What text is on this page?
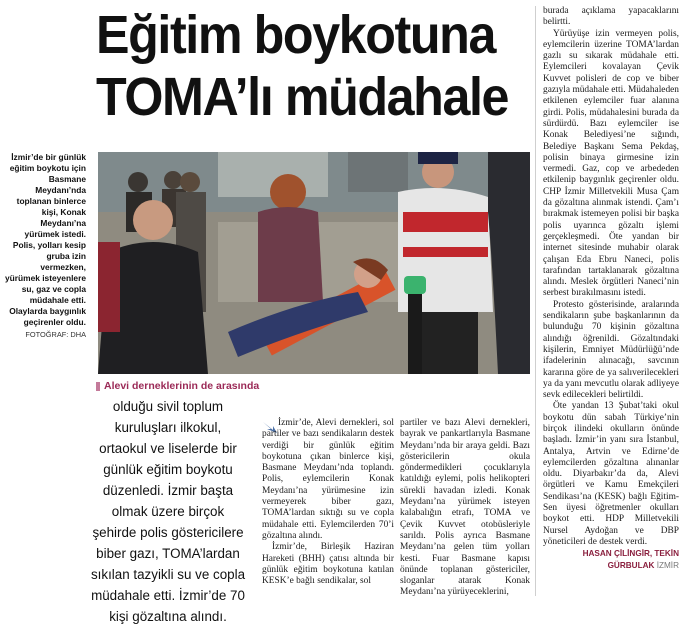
Eğitim boykotuna
TOMA’lı müdahale
İzmir’de bir günlük eğitim boykotu için Basmane Meydanı’nda toplanan binlerce kişi, Konak Meydanı’na yürümek istedi. Polis, yolları kesip gruba izin vermezken, yürümek isteyenlere su, gaz ve copla müdahale etti. Olaylarda baygınlık geçirenler oldu.
FOTOĞRAF: DHA
Alevi derneklerinin de arasında

olduğu sivil toplum kuruluşları ilkokul, ortaokul ve liselerde bir günlük eğitim boykotu düzenledi. İzmir başta olmak üzere birçok şehirde polis göstericilere biber gazı, TOMA’lardan sıkılan tazyikli su ve copla müdahale etti. İzmir’de 70 kişi gözaltına alındı.

İzmir’de, Alevi dernekleri, sol partiler ve bazı sendikaların destek verdiği bir günlük eğitim boykotuna çıkan binlerce kişi, Basmane Meydanı’nda toplandı. Polis, eylemcilerin Konak Meydanı’na yürümesine izin vermeyerek biber gazı, TOMA’lardan sıktığı su ve copla müdahale etti. Eylemcilerden 70’i gözaltına alındı.

İzmir’de, Birleşik Haziran Hareketi (BHH) çatısı altında bir günlük eğitim boykotuna katılan KESK’e bağlı sendikalar, sol

partiler ve bazı Alevi dernekleri, bayrak ve pankartlarıyla Basmane Meydanı’nda bir araya geldi. Bazı göstericilerin okula göndermedikleri çocuklarıyla katıldığı eylemi, polis helikopteri sürekli havadan izledi. Konak Meydanı’na yürümek isteyen kalabalığın etrafı, TOMA ve Çevik Kuvvet otobüsleriyle sarıldı. Polis ayrıca Basmane Meydanı’na gelen tüm yolları kesti. Fuar Basmane kapısı önünde toplanan göstericiler, sloganlar atarak Konak Meydanı’na yürüyeceklerini,

burada açıklama yapacaklarını belirtti.

Yürüyüşe izin vermeyen polis, eylemcilerin üzerine TOMA’lardan gazlı su sıkarak müdahale etti. Eylemcileri kovalayan Çevik Kuvvet polisleri de cop ve biber gazıyla müdahale etti. Müdahaleden etkilenen eylemciler fuar alanına girdi. Polis, müdahalesini burada da sürdürdü. Bazı eylemciler ise Konak Belediyesi’ne sığındı, Belediye Başkanı Sema Pekdaş, polisin binaya girmesine izin vermedi. Gaz, cop ve arbededen etkilenip baygınlık geçirenler oldu. CHP İzmir Milletvekili Musa Çam da gözaltına alınmak istendi. Çam’ı bırakmak istemeyen polisi bir başka polis uyarınca gözaltı işlemi gerçekleşmedi. Öte yandan bir internet sitesinde muhabir olarak çalışan Eda Ebru Naneci, polis tarafından tartaklanarak gözaltına alındı. Meslek örgütleri Naneci’nin serbest bırakılmasını istedi.

Protesto gösterisinde, aralarında sendikaların şube başkanlarının da bulunduğu 70 kişinin gözaltına alındığı öğrenildi. Gözaltındaki kişilerin, Emniyet Müdürlüğü’nde ifadelerinin alınacağı, savcının kararına göre de ya salıverilecekleri ya da yanı mevcutlu olarak adliyeye sevk edilecekleri belirtildi.

Öte yandan 13 Şubat’taki okul boykotu dün sabah Türkiye’nin birçok ilindeki okulların önünde başladı. İzmir’in yanı sıra İstanbul, Antalya, Artvin ve Edirne’de eylemcilerden gözaltına alınanlar oldu. Diyarbakır’da da, Alevi örgütleri ve Kamu Emekçileri Sendikası’na (KESK) bağlı Eğitim-Sen üyesi öğretmenler okulları boykot etti. HDP Milletvekili Nursel Aydoğan ve DBP yöneticileri de destek verdi.

HASAN ÇİLİNGİR, TEKİN GÜRBULAK İZMİR
